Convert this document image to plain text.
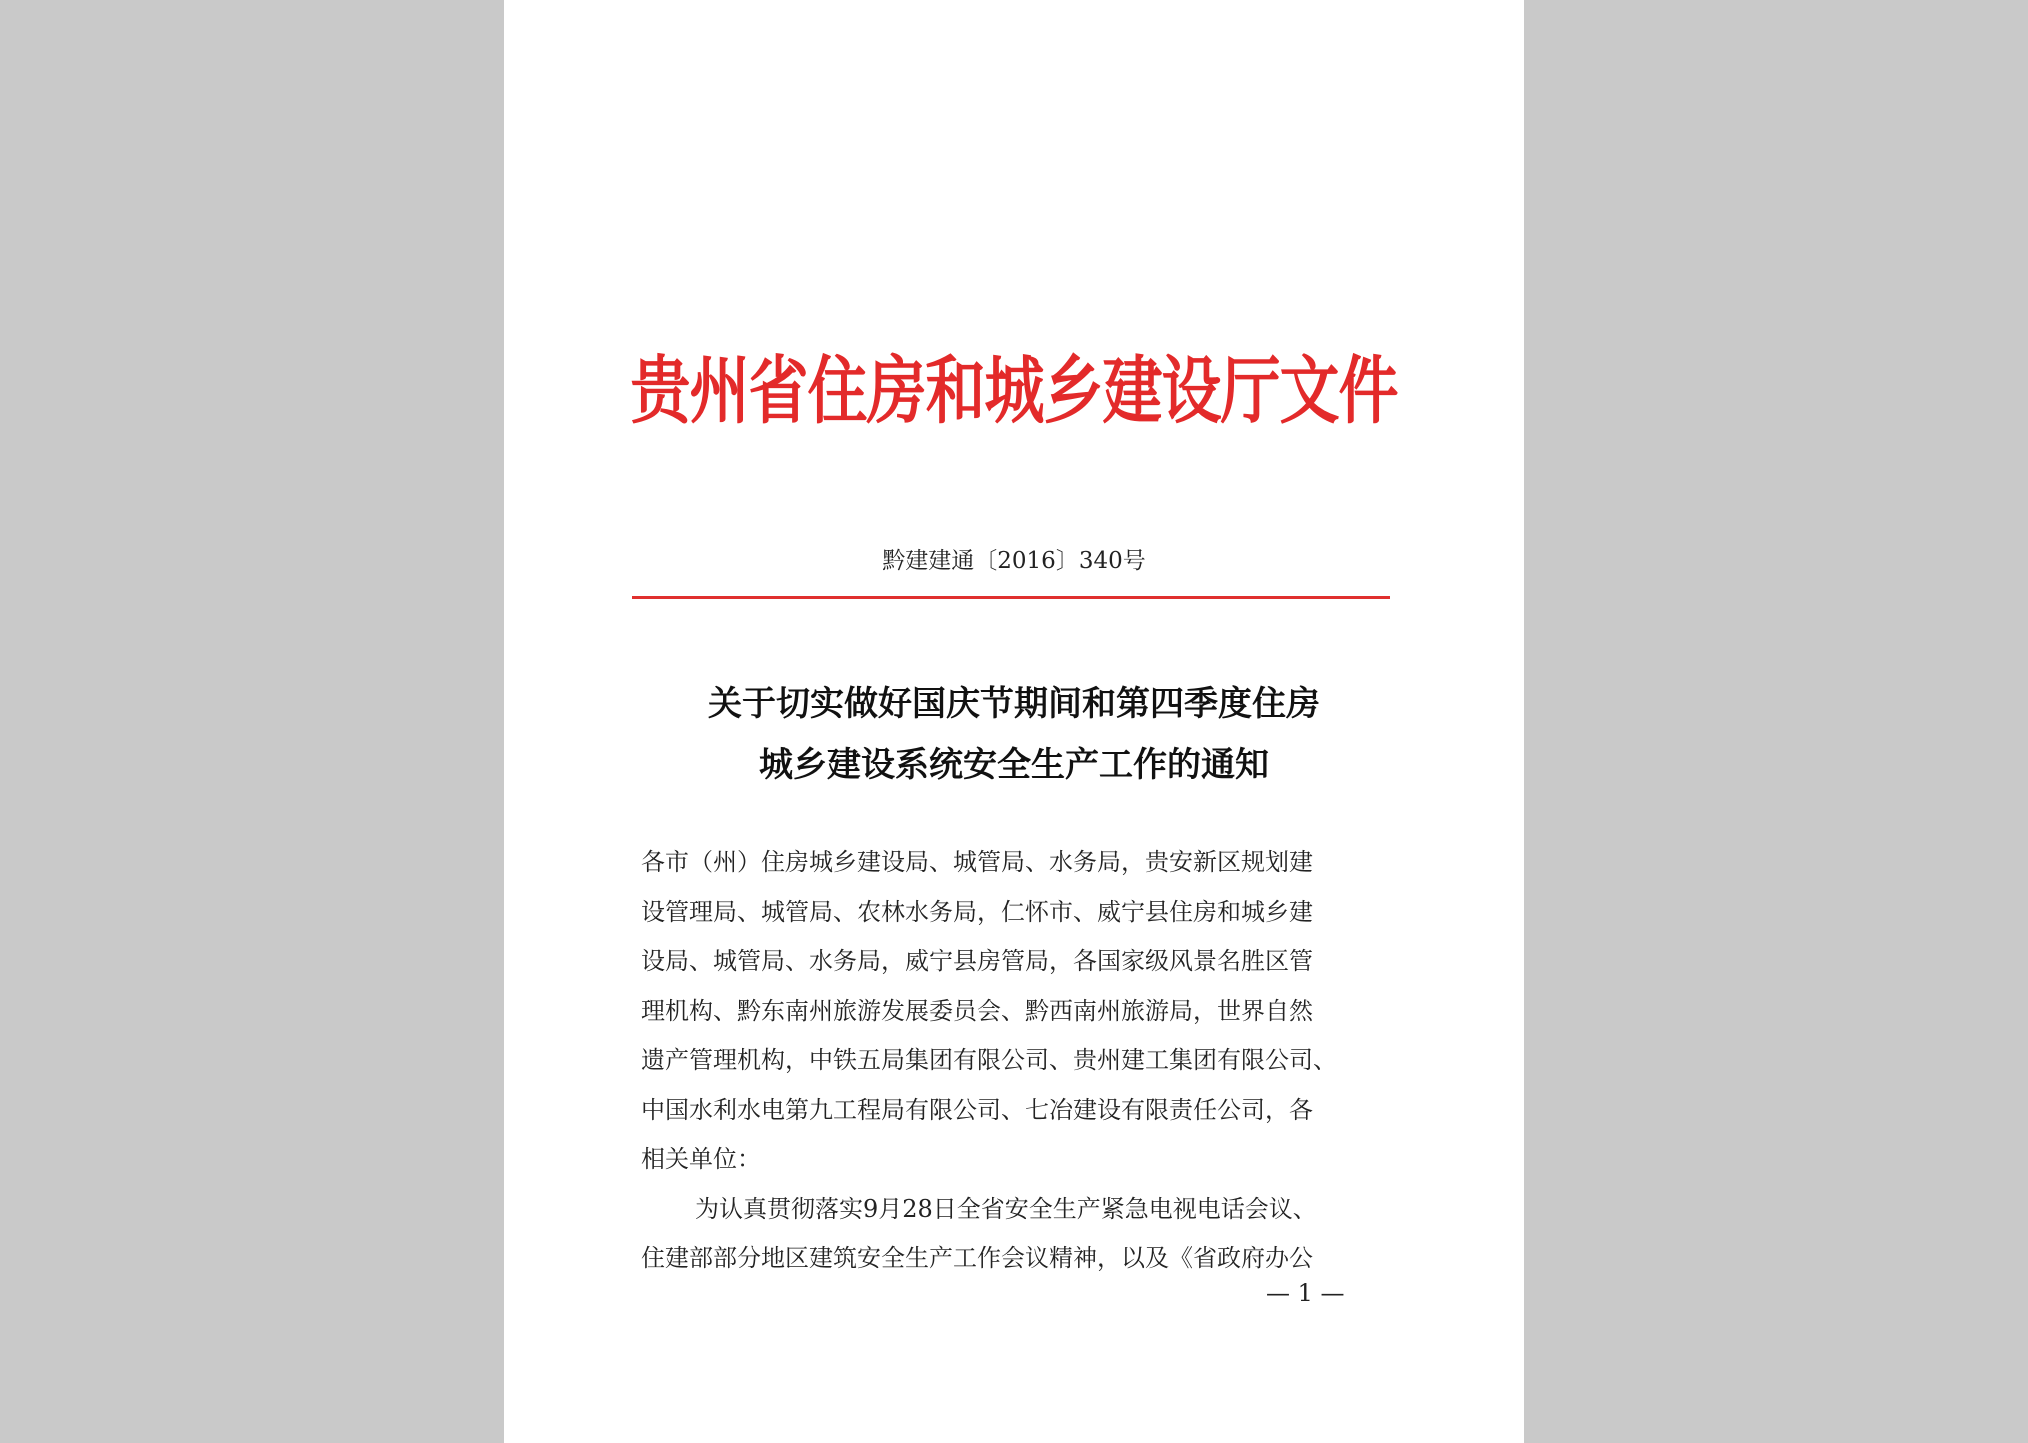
贵州省住房和城乡建设厅文件
黔建建通〔2016〕340号
关于切实做好国庆节期间和第四季度住房
城乡建设系统安全生产工作的通知
各市（州）住房城乡建设局、城管局、水务局，贵安新区规划建
设管理局、城管局、农林水务局，仁怀市、威宁县住房和城乡建
设局、城管局、水务局，威宁县房管局，各国家级风景名胜区管
理机构、黔东南州旅游发展委员会、黔西南州旅游局，世界自然
遗产管理机构，中铁五局集团有限公司、贵州建工集团有限公司、
中国水利水电第九工程局有限公司、七冶建设有限责任公司，各
相关单位：
为认真贯彻落实9月28日全省安全生产紧急电视电话会议、
住建部部分地区建筑安全生产工作会议精神，以及《省政府办公
— 1 —
